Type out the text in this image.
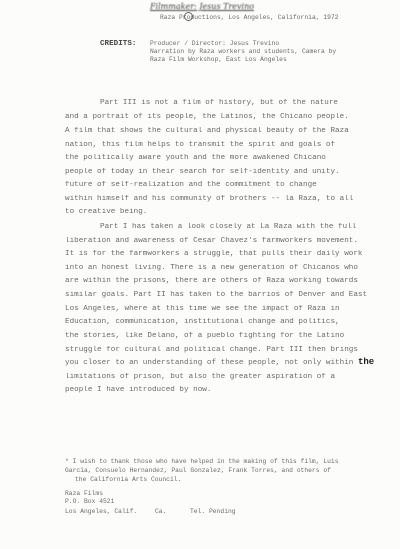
Filmmaker: Jesus Trevino
Raza Productions, Los Angeles, California, 1972
CREDITS: Producer / Director: Jesus Trevino
Narration by Raza workers and students, Camera by
Raza Film Workshop, East Los Angeles
Part III is not a film of history, but of the nature
and a portrait of its people, the Latinos, the Chicano people.
A film that shows the cultural and physical beauty of the Raza
nation, this film helps to transmit the spirit and goals of
the politically aware youth and the more awakened Chicano
people of today in their search for self-identity and unity.
future of self-realization and the commitment to change
within himself and his community of brothers -- la Raza, to all
to creative being.
Part I has taken a look closely at La Raza with the full
liberation and awareness of Cesar Chavez's farmworkers movement.
It is for the farmworkers a struggle, that pulls their daily work
into an honest living. There is a new generation of Chicanos who
are within the prisons, there are others of Raza working towards
similar goals. Part II has taken to the barrios of Denver and East
Los Angeles, where at this time we see the impact of Raza in
Education, communication, institutional change and politics,
the stories, like Delano, of a pueblo fighting for the Latino
struggle for cultural and political change. Part III then brings
you closer to an understanding of these people, not only within the
limitations of prison, but also the greater aspiration of a
people I have introduced by now.
* I wish to thank those who have helped in the making of this film, Luis
Garcia, Consuelo Hernandez, Paul Gonzalez, Frank Torres, and others of
the California Arts Council.
Raza Films
P.O. Box 4521
Los Angeles, Calif.	Ca.	Tel. Pending
